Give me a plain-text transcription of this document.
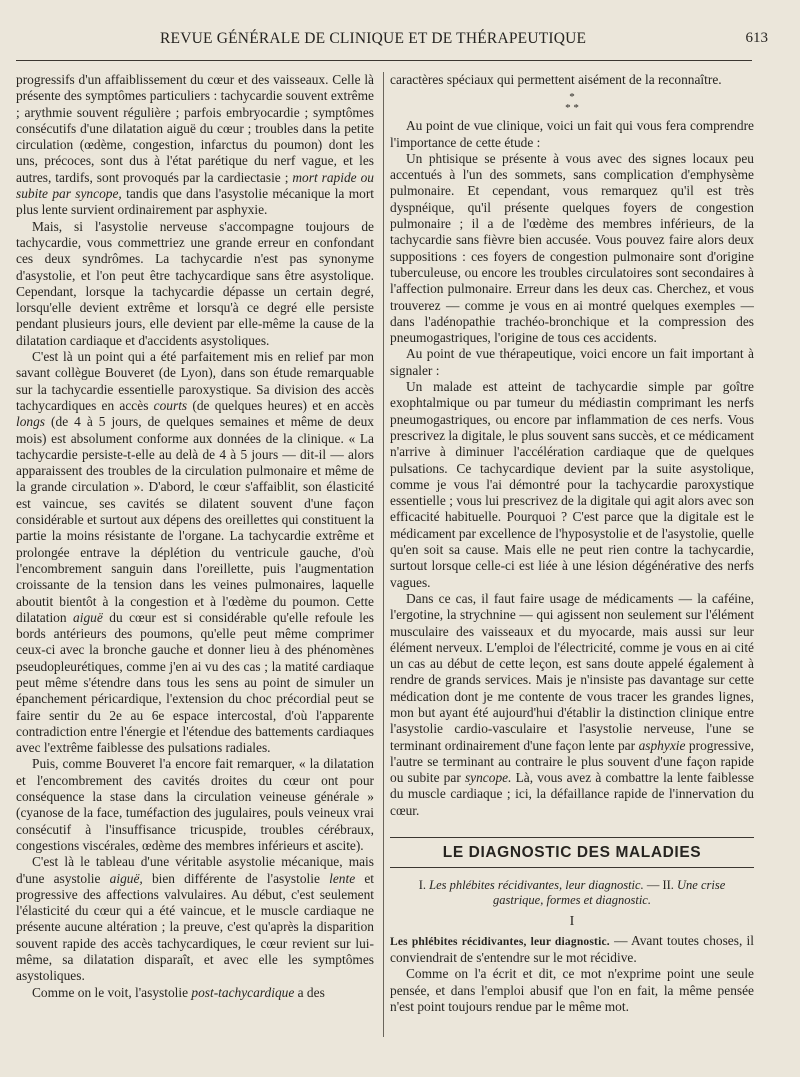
REVUE GÉNÉRALE DE CLINIQUE ET DE THÉRAPEUTIQUE	613

progressifs d'un affaiblissement du cœur et des vaisseaux. Celle là présente des symptômes particuliers : tachycardie souvent extrême ; arythmie souvent régulière ; parfois embryocardie ; symptômes consécutifs d'une dilatation aiguë du cœur ; troubles dans la petite circulation (œdème, congestion, infarctus du poumon) dont les uns, précoces, sont dus à l'état parétique du nerf vague, et les autres, tardifs, sont provoqués par la cardiectasie ; mort rapide ou subite par syncope, tandis que dans l'asystolie mécanique la mort plus lente survient ordinairement par asphyxie.

Mais, si l'asystolie nerveuse s'accompagne toujours de tachycardie, vous commettriez une grande erreur en confondant ces deux syndrômes. La tachycardie n'est pas synonyme d'asystolie, et l'on peut être tachycardique sans être asystolique. Cependant, lorsque la tachycardie dépasse un certain degré, lorsqu'elle devient extrême et lorsqu'à ce degré elle persiste pendant plusieurs jours, elle devient par elle-même la cause de la dilatation cardiaque et d'accidents asystoliques.

C'est là un point qui a été parfaitement mis en relief par mon savant collègue Bouveret (de Lyon), dans son étude remarquable sur la tachycardie essentielle paroxystique. Sa division des accès tachycardiques en accès courts (de quelques heures) et en accès longs (de 4 à 5 jours, de quelques semaines et même de deux mois) est absolument conforme aux données de la clinique. « La tachycardie persiste-t-elle au delà de 4 à 5 jours — dit-il — alors apparaissent des troubles de la circulation pulmonaire et même de la grande circulation ». D'abord, le cœur s'affaiblit, son élasticité est vaincue, ses cavités se dilatent souvent d'une façon considérable et surtout aux dépens des oreillettes qui constituent la partie la moins résistante de l'organe. La tachycardie extrême et prolongée entrave la déplétion du ventricule gauche, d'où l'encombrement sanguin dans l'oreillette, puis l'augmentation croissante de la tension dans les veines pulmonaires, laquelle aboutit bientôt à la congestion et à l'œdème du poumon. Cette dilatation aiguë du cœur est si considérable qu'elle refoule les bords antérieurs des poumons, qu'elle peut même comprimer ceux-ci avec la bronche gauche et donner lieu à des phénomènes pseudopleurétiques, comme j'en ai vu des cas ; la matité cardiaque peut même s'étendre dans tous les sens au point de simuler un épanchement péricardique, l'extension du choc précordial peut se faire sentir du 2e au 6e espace intercostal, d'où l'apparente contradiction entre l'énergie et l'étendue des battements cardiaques avec l'extrême faiblesse des pulsations radiales.

Puis, comme Bouveret l'a encore fait remarquer, « la dilatation et l'encombrement des cavités droites du cœur ont pour conséquence la stase dans la circulation veineuse générale » (cyanose de la face, tuméfaction des jugulaires, pouls veineux vrai consécutif à l'insuffisance tricuspide, troubles cérébraux, congestions viscérales, œdème des membres inférieurs et ascite).

C'est là le tableau d'une véritable asystolie mécanique, mais d'une asystolie aiguë, bien différente de l'asystolie lente et progressive des affections valvulaires. Au début, c'est seulement l'élasticité du cœur qui a été vaincue, et le muscle cardiaque ne présente aucune altération ; la preuve, c'est qu'après la disparition souvent rapide des accès tachycardiques, le cœur revient sur lui-même, sa dilatation disparaît, et avec elle les symptômes asystoliques.

Comme on le voit, l'asystolie post-tachycardique a des

caractères spéciaux qui permettent aisément de la reconnaître.

*
* *

Au point de vue clinique, voici un fait qui vous fera comprendre l'importance de cette étude :

Un phtisique se présente à vous avec des signes locaux peu accentués à l'un des sommets, sans complication d'emphysème pulmonaire. Et cependant, vous remarquez qu'il est très dyspnéique, qu'il présente quelques foyers de congestion pulmonaire ; il a de l'œdème des membres inférieurs, de la tachycardie sans fièvre bien accusée. Vous pouvez faire alors deux suppositions : ces foyers de congestion pulmonaire sont d'origine tuberculeuse, ou encore les troubles circulatoires sont secondaires à l'affection pulmonaire. Erreur dans les deux cas. Cherchez, et vous trouverez — comme je vous en ai montré quelques exemples — dans l'adénopathie trachéo-bronchique et la compression des pneumogastriques, l'origine de tous ces accidents.

Au point de vue thérapeutique, voici encore un fait important à signaler :

Un malade est atteint de tachycardie simple par goître exophtalmique ou par tumeur du médiastin comprimant les nerfs pneumogastriques, ou encore par inflammation de ces nerfs. Vous prescrivez la digitale, le plus souvent sans succès, et ce médicament n'arrive à diminuer l'accélération cardiaque que de quelques pulsations. Ce tachycardique devient par la suite asystolique, comme je vous l'ai démontré pour la tachycardie paroxystique essentielle ; vous lui prescrivez de la digitale qui agit alors avec son efficacité habituelle. Pourquoi ? C'est parce que la digitale est le médicament par excellence de l'hyposystolie et de l'asystolie, quelle qu'en soit sa cause. Mais elle ne peut rien contre la tachycardie, surtout lorsque celle-ci est liée à une lésion dégénérative des nerfs vagues.

Dans ce cas, il faut faire usage de médicaments — la caféine, l'ergotine, la strychnine — qui agissent non seulement sur l'élément musculaire des vaisseaux et du myocarde, mais aussi sur leur élément nerveux. L'emploi de l'électricité, comme je vous en ai cité un cas au début de cette leçon, est sans doute appelé également à rendre de grands services. Mais je n'insiste pas davantage sur cette médication dont je me contente de vous tracer les grandes lignes, mon but ayant été aujourd'hui d'établir la distinction clinique entre l'asystolie cardio-vasculaire et l'asystolie nerveuse, l'une se terminant ordinairement d'une façon lente par asphyxie progressive, l'autre se terminant au contraire le plus souvent d'une façon rapide ou subite par syncope. Là, vous avez à combattre la lente faiblesse du muscle cardiaque ; ici, la défaillance rapide de l'innervation du cœur.

LE DIAGNOSTIC DES MALADIES
I. Les phlébites récidivantes, leur diagnostic. — II. Une crise gastrique, formes et diagnostic.
I

Les phlébites récidivantes, leur diagnostic. — Avant toutes choses, il conviendrait de s'entendre sur le mot récidive.

Comme on l'a écrit et dit, ce mot n'exprime point une seule pensée, et dans l'emploi abusif que l'on en fait, la même pensée n'est point toujours rendue par le même mot.
